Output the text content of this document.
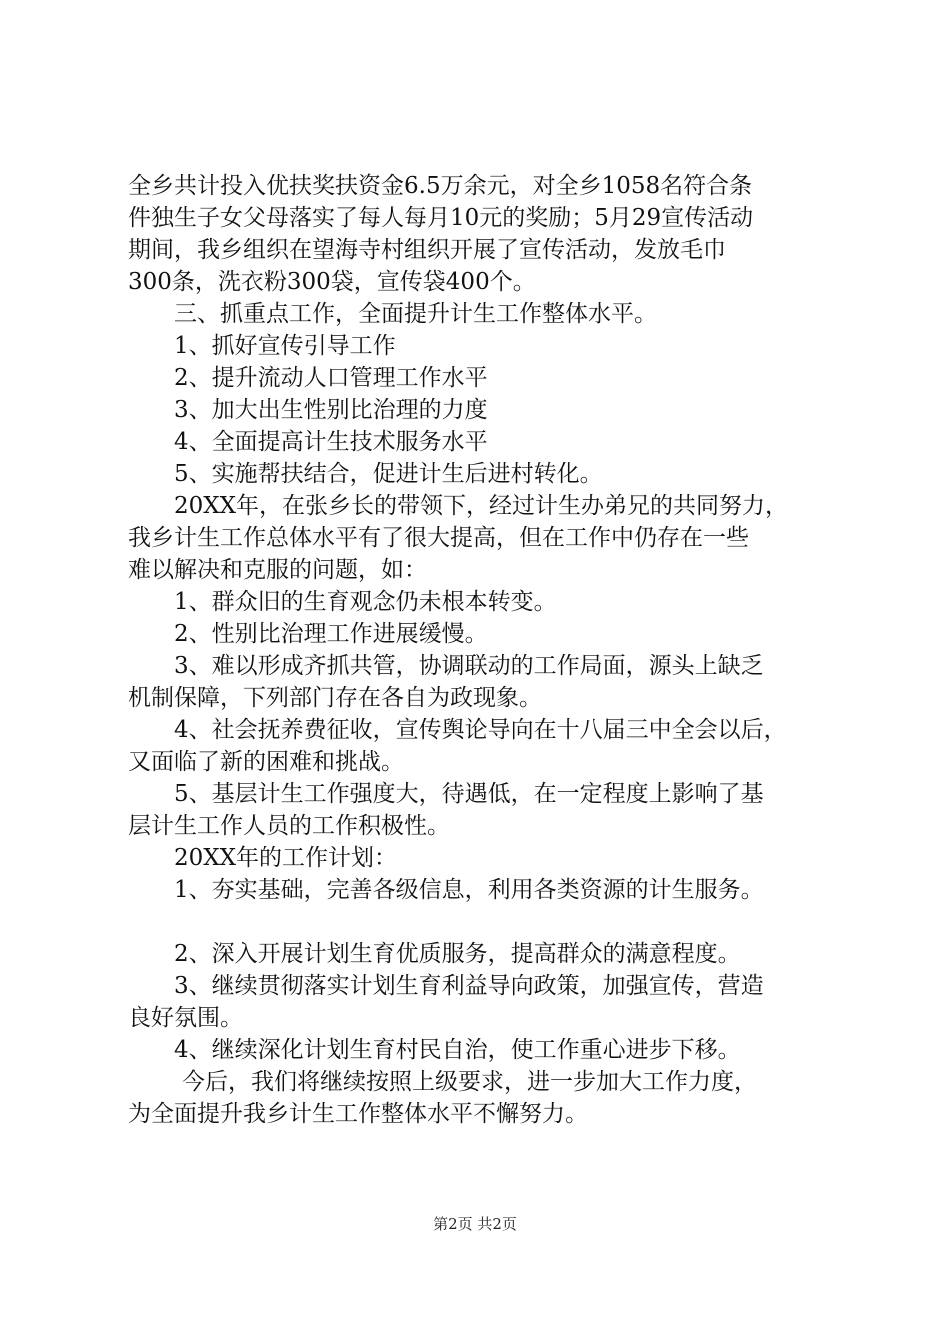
全乡共计投入优扶奖扶资金6.5万余元，对全乡1058名符合条
件独生子女父母落实了每人每月10元的奖励；5月29宣传活动
期间，我乡组织在望海寺村组织开展了宣传活动，发放毛巾
300条，洗衣粉300袋，宣传袋400个。
三、抓重点工作，全面提升计生工作整体水平。
1、抓好宣传引导工作
2、提升流动人口管理工作水平
3、加大出生性别比治理的力度
4、全面提高计生技术服务水平
5、实施帮扶结合，促进计生后进村转化。
20XX年，在张乡长的带领下，经过计生办弟兄的共同努力，
我乡计生工作总体水平有了很大提高，但在工作中仍存在一些
难以解决和克服的问题，如：
1、群众旧的生育观念仍未根本转变。
2、性别比治理工作进展缓慢。
3、难以形成齐抓共管，协调联动的工作局面，源头上缺乏
机制保障，下列部门存在各自为政现象。
4、社会抚养费征收，宣传舆论导向在十八届三中全会以后，
又面临了新的困难和挑战。
5、基层计生工作强度大，待遇低，在一定程度上影响了基
层计生工作人员的工作积极性。
20XX年的工作计划：
1、夯实基础，完善各级信息，利用各类资源的计生服务。
2、深入开展计划生育优质服务，提高群众的满意程度。
3、继续贯彻落实计划生育利益导向政策，加强宣传，营造
良好氛围。
4、继续深化计划生育村民自治，使工作重心进步下移。
今后，我们将继续按照上级要求，进一步加大工作力度，
为全面提升我乡计生工作整体水平不懈努力。
第2页 共2页
